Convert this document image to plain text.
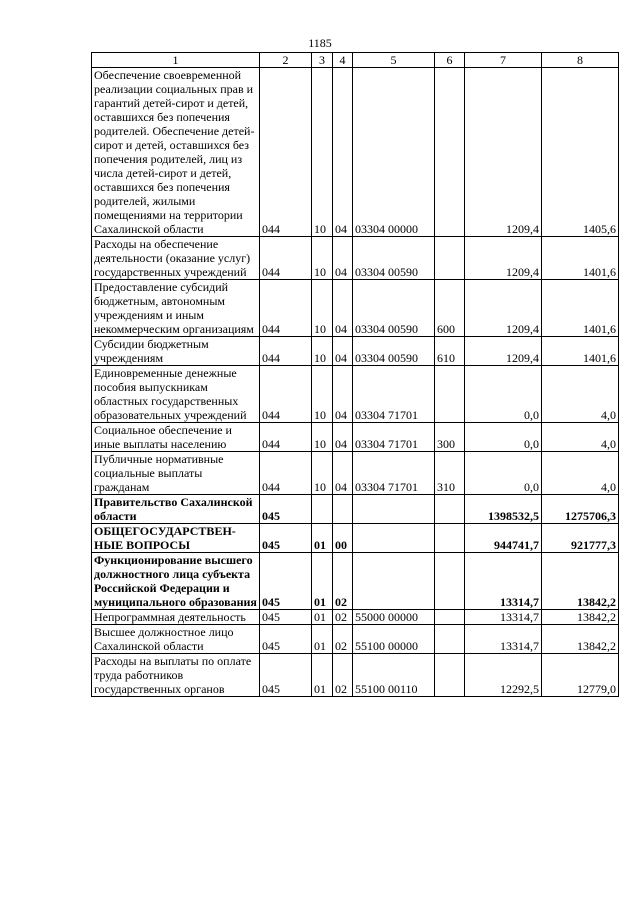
1185
1	2	3	4	5	6	7	8
Обеспечение своевременной реализации социальных прав и гарантий детей-сирот и детей, оставшихся без попечения родителей. Обеспечение детей-сирот и детей, оставшихся без попечения родителей, лиц из числа детей-сирот и детей, оставшихся без попечения родителей, жилыми помещениями на территории Сахалинской области	044	10	04	03304 00000		1209,4	1405,6
Расходы на обеспечение деятельности (оказание услуг) государственных учреждений	044	10	04	03304 00590		1209,4	1401,6
Предоставление субсидий бюджетным, автономным учреждениям и иным некоммерческим организациям	044	10	04	03304 00590	600	1209,4	1401,6
Субсидии бюджетным учреждениям	044	10	04	03304 00590	610	1209,4	1401,6
Единовременные денежные пособия выпускникам областных государственных образовательных учреждений	044	10	04	03304 71701		0,0	4,0
Социальное обеспечение и иные выплаты населению	044	10	04	03304 71701	300	0,0	4,0
Публичные нормативные социальные выплаты гражданам	044	10	04	03304 71701	310	0,0	4,0
Правительство Сахалинской области	045					1398532,5	1275706,3
ОБЩЕГОСУДАРСТВЕН-НЫЕ ВОПРОСЫ	045	01	00			944741,7	921777,3
Функционирование высшего должностного лица субъекта Российской Федерации и муниципального образования	045	01	02			13314,7	13842,2
Непрограммная деятельность	045	01	02	55000 00000		13314,7	13842,2
Высшее должностное лицо Сахалинской области	045	01	02	55100 00000		13314,7	13842,2
Расходы на выплаты по оплате труда работников государственных органов	045	01	02	55100 00110		12292,5	12779,0
